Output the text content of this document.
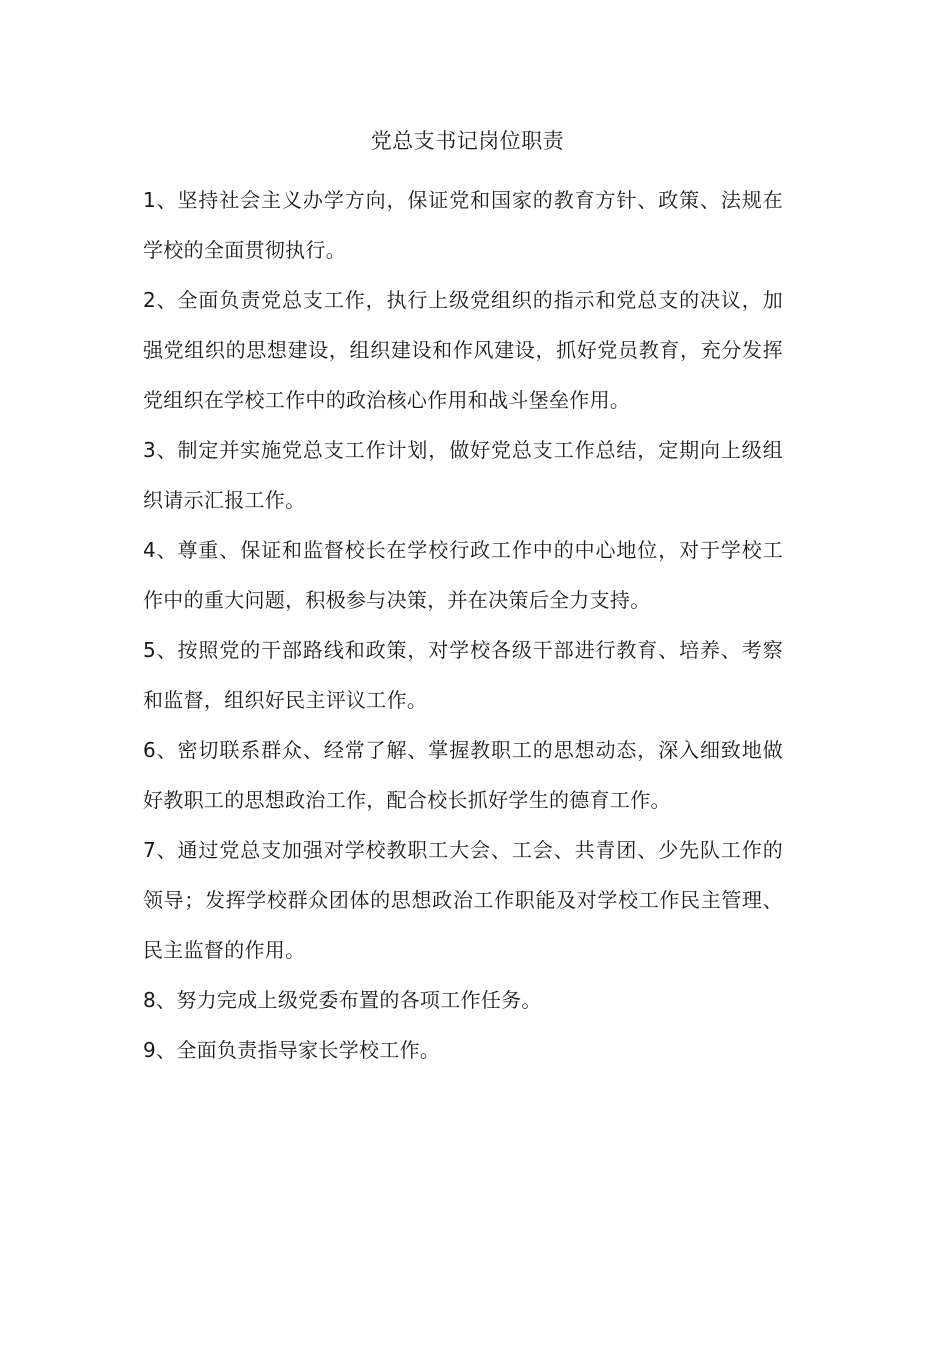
党总支书记岗位职责
1、坚持社会主义办学方向，保证党和国家的教育方针、政策、法规在学校的全面贯彻执行。
2、全面负责党总支工作，执行上级党组织的指示和党总支的决议，加强党组织的思想建设，组织建设和作风建设，抓好党员教育，充分发挥党组织在学校工作中的政治核心作用和战斗堡垒作用。
3、制定并实施党总支工作计划，做好党总支工作总结，定期向上级组织请示汇报工作。
4、尊重、保证和监督校长在学校行政工作中的中心地位，对于学校工作中的重大问题，积极参与决策，并在决策后全力支持。
5、按照党的干部路线和政策，对学校各级干部进行教育、培养、考察和监督，组织好民主评议工作。
6、密切联系群众、经常了解、掌握教职工的思想动态，深入细致地做好教职工的思想政治工作，配合校长抓好学生的德育工作。
7、通过党总支加强对学校教职工大会、工会、共青团、少先队工作的领导；发挥学校群众团体的思想政治工作职能及对学校工作民主管理、民主监督的作用。
8、努力完成上级党委布置的各项工作任务。
9、全面负责指导家长学校工作。
